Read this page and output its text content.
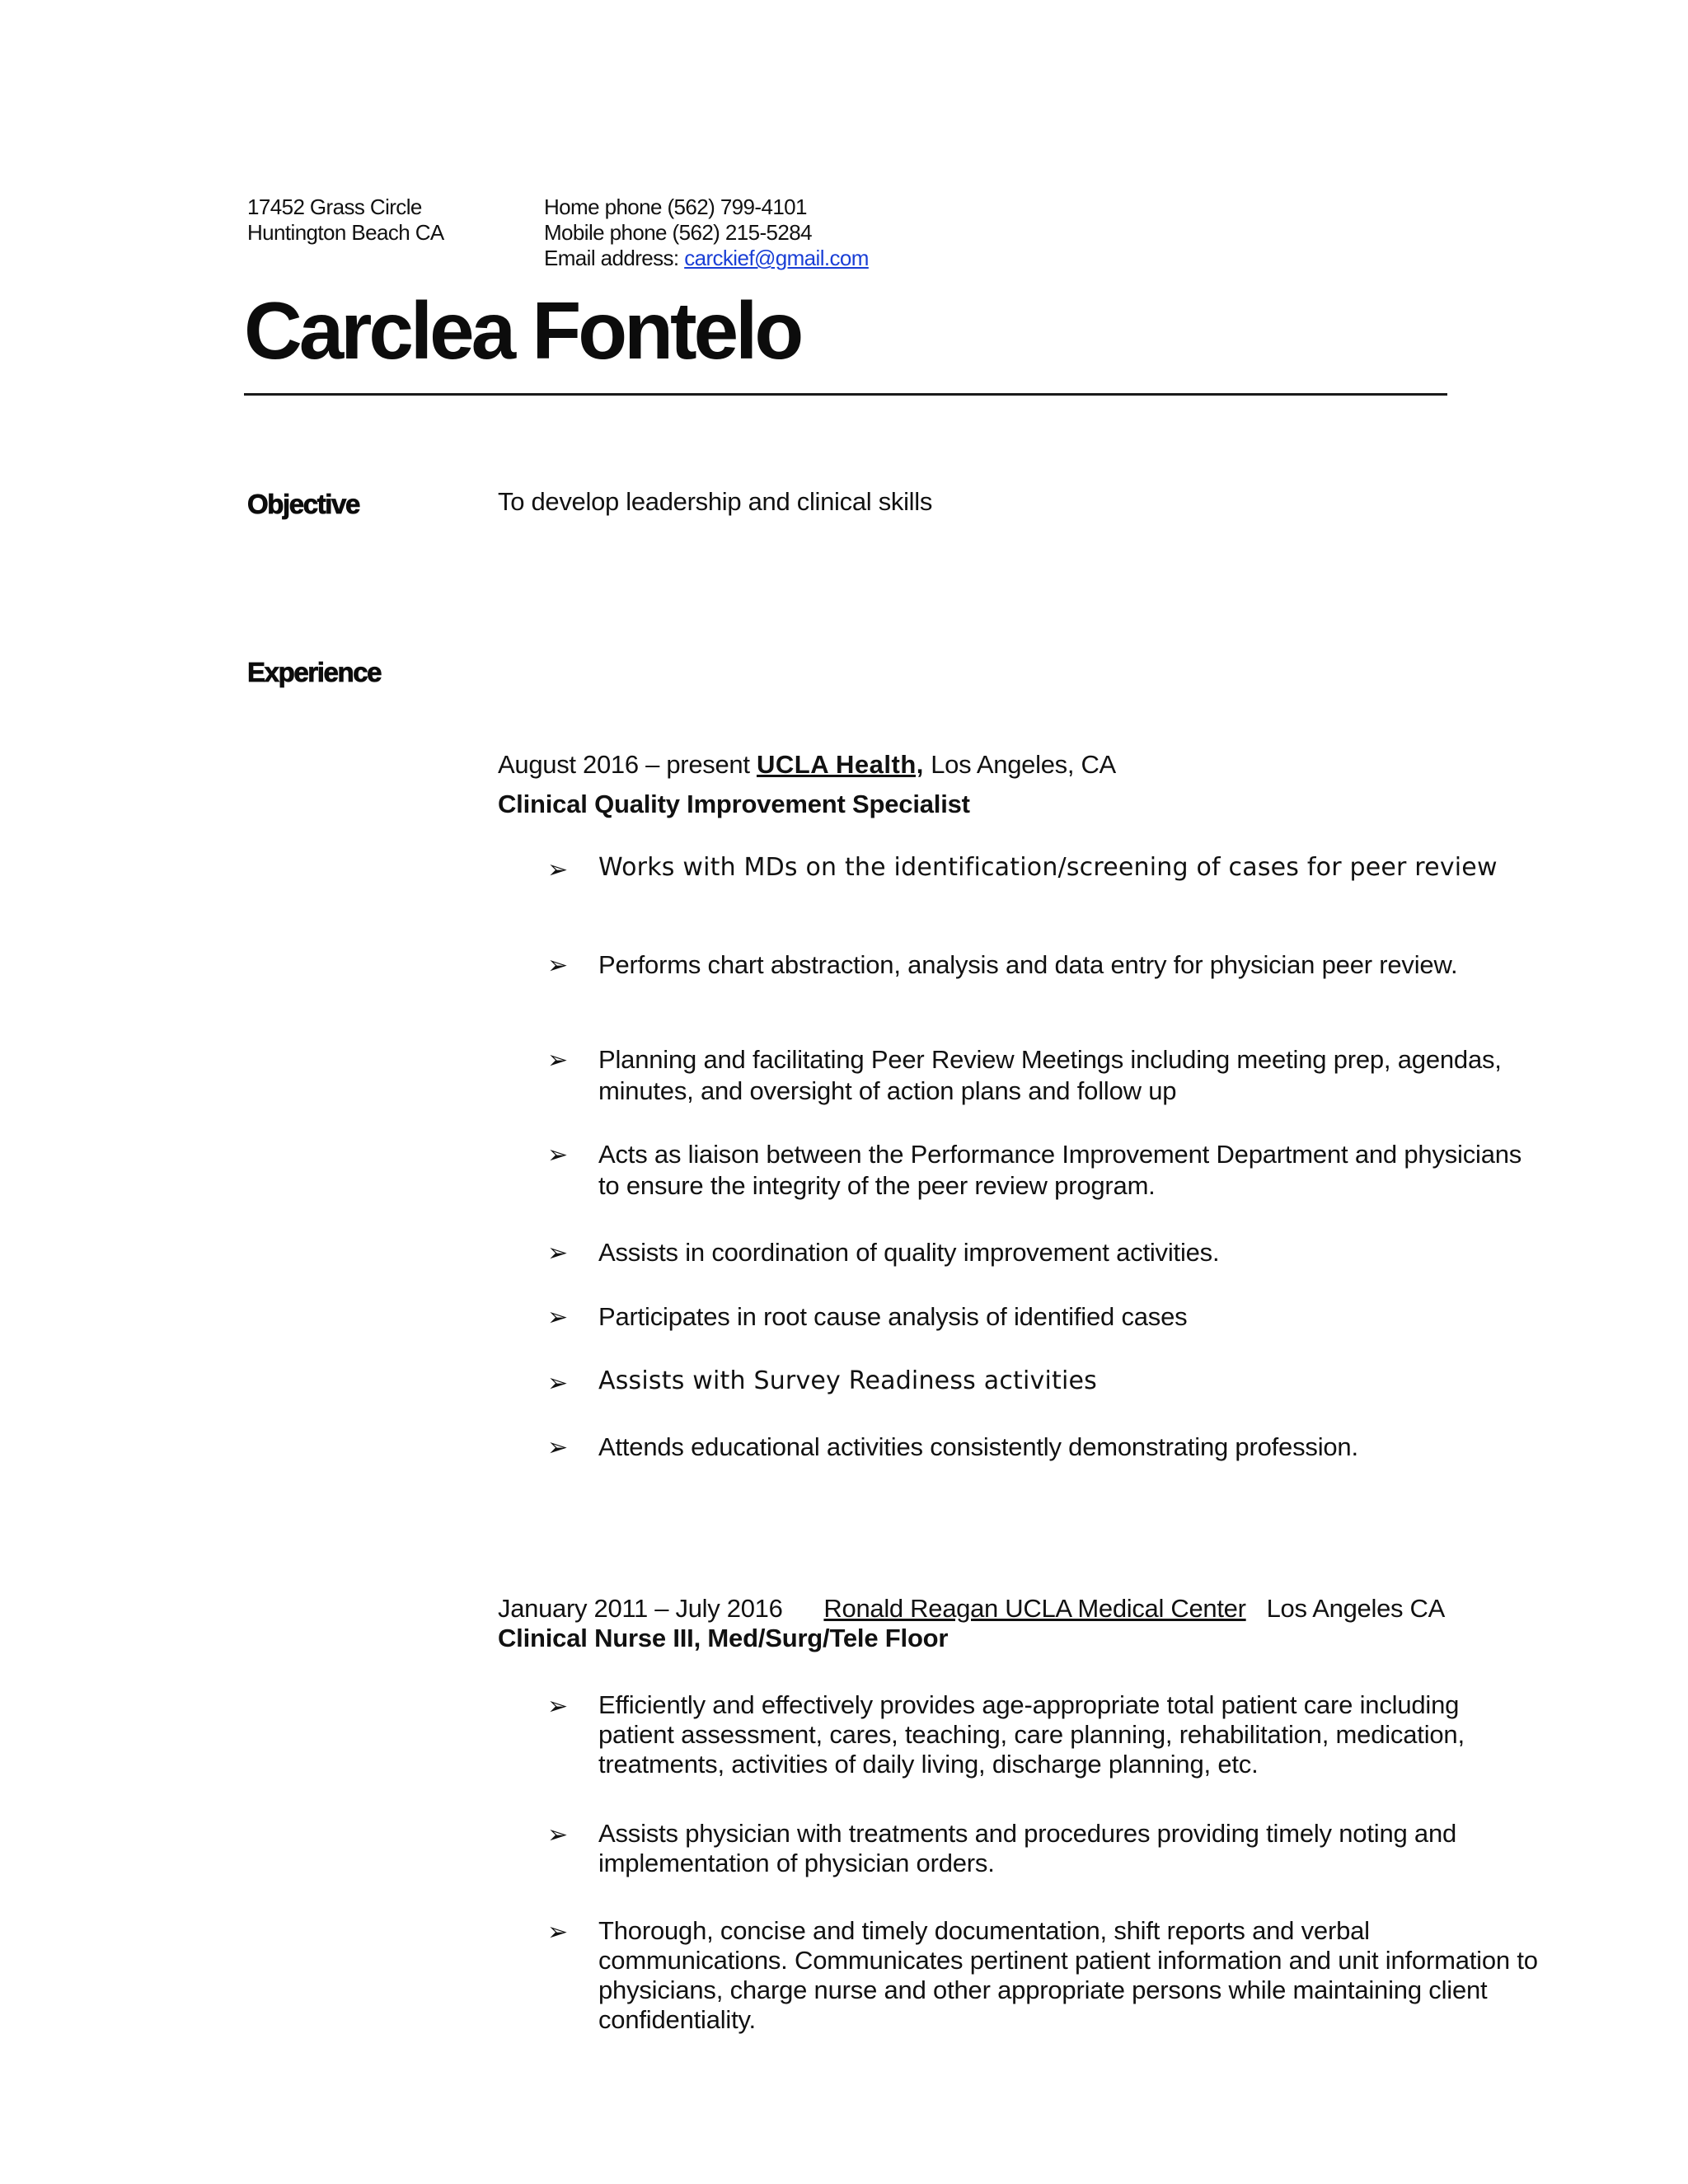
17452 Grass Circle
Huntington Beach CA
Home phone (562) 799-4101
Mobile phone (562) 215-5284
Email address: carckief@gmail.com
Carclea Fontelo
Objective	To develop leadership and clinical skills
Experience
August 2016 – present UCLA Health, Los Angeles, CA
Clinical Quality Improvement Specialist
➢ Works with MDs on the identification/screening of cases for peer review
➢ Performs chart abstraction, analysis and data entry for physician peer review.
➢ Planning and facilitating Peer Review Meetings including meeting prep, agendas, minutes, and oversight of action plans and follow up
➢ Acts as liaison between the Performance Improvement Department and physicians to ensure the integrity of the peer review program.
➢ Assists in coordination of quality improvement activities.
➢ Participates in root cause analysis of identified cases
➢ Assists with Survey Readiness activities
➢ Attends educational activities consistently demonstrating profession.
January 2011 – July 2016 Ronald Reagan UCLA Medical Center Los Angeles CA
Clinical Nurse III, Med/Surg/Tele Floor
➢ Efficiently and effectively provides age-appropriate total patient care including patient assessment, cares, teaching, care planning, rehabilitation, medication, treatments, activities of daily living, discharge planning, etc.
➢ Assists physician with treatments and procedures providing timely noting and implementation of physician orders.
➢ Thorough, concise and timely documentation, shift reports and verbal communications. Communicates pertinent patient information and unit information to physicians, charge nurse and other appropriate persons while maintaining client confidentiality.
